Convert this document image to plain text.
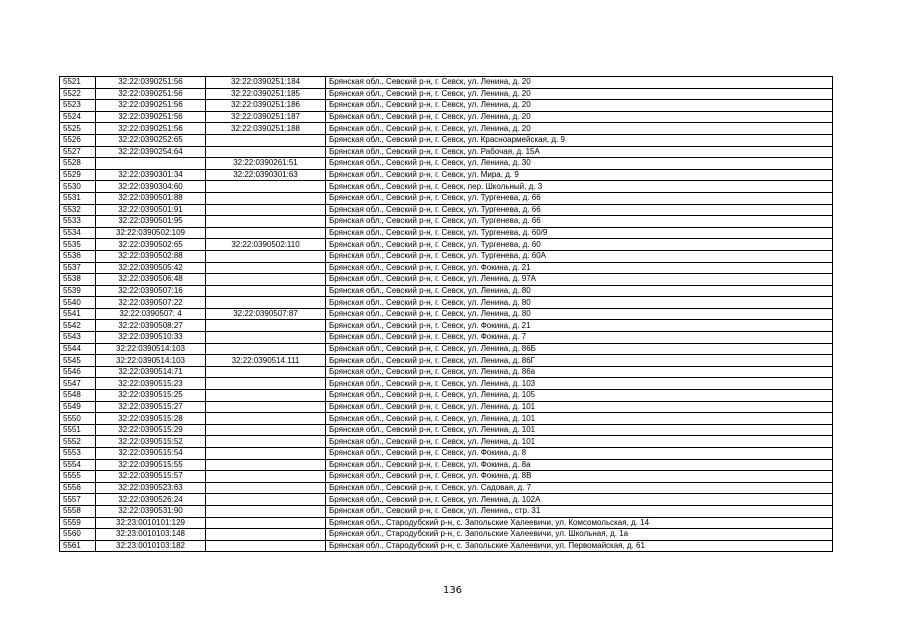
5521	32:22:0390251:56	32:22:0390251:184	Брянская обл., Севский р-н, г. Севск, ул. Ленина, д. 20
5522	32:22:0390251:56	32:22:0390251:185	Брянская обл., Севский р-н, г. Севск, ул. Ленина, д. 20
5523	32:22:0390251:56	32:22:0390251:186	Брянская обл., Севский р-н, г. Севск, ул. Ленина, д. 20
5524	32:22:0390251:56	32:22:0390251:187	Брянская обл., Севский р-н, г. Севск, ул. Ленина, д. 20
5525	32:22:0390251:56	32:22:0390251:188	Брянская обл., Севский р-н, г. Севск, ул. Ленина, д. 20
5526	32:22:0390252:65		Брянская обл., Севский р-н, г. Севск, ул. Красноармейская, д. 9
5527	32:22:0390254:64		Брянская обл., Севский р-н, г. Севск, ул. Рабочая, д. 15А
5528		32:22:0390261:51	Брянская обл., Севский р-н, г. Севск, ул. Ленина, д. 30
5529	32:22:0390301:34	32:22:0390301:63	Брянская обл., Севский р-н, г. Севск, ул. Мира, д. 9
5530	32:22:0390304:60		Брянская обл., Севский р-н, г. Севск, пер. Школьный, д. 3
5531	32:22:0390501:88		Брянская обл., Севский р-н, г. Севск, ул. Тургенева, д. 66
5532	32:22:0390501:91		Брянская обл., Севский р-н, г. Севск, ул. Тургенева, д. 66
5533	32:22:0390501:95		Брянская обл., Севский р-н, г. Севск, ул. Тургенева, д. 66
5534	32:22:0390502:109		Брянская обл., Севский р-н, г. Севск, ул. Тургенева, д. 60/9
5535	32:22:0390502:65	32:22:0390502:110	Брянская обл., Севский р-н, г. Севск, ул. Тургенева, д. 60
5536	32:22:0390502:88		Брянская обл., Севский р-н, г. Севск, ул. Тургенева, д. 60А
5537	32:22:0390505:42		Брянская обл., Севский р-н, г. Севск, ул. Фокина, д. 21
5538	32:22:0390506:48		Брянская обл., Севский р-н, г. Севск, ул. Ленина, д. 97А
5539	32:22:0390507:16		Брянская обл., Севский р-н, г. Севск, ул. Ленина, д. 80
5540	32:22:0390507:22		Брянская обл., Севский р-н, г. Севск, ул. Ленина, д. 80
5541	32:22:0390507: 4	32:22:0390507:87	Брянская обл., Севский р-н, г. Севск, ул. Ленина, д. 80
5542	32:22:0390508:27		Брянская обл., Севский р-н, г. Севск, ул. Фокина, д. 21
5543	32:22:0390510:33		Брянская обл., Севский р-н, г. Севск, ул. Фокина, д. 7
5544	32:22:0390514:103		Брянская обл., Севский р-н, г. Севск, ул. Ленина, д. 86Б
5545	32:22:0390514:103	32:22:0390514.111	Брянская обл., Севский р-н, г. Севск, ул. Ленина, д. 86Г
5546	32:22:0390514:71		Брянская обл., Севский р-н, г. Севск, ул. Ленина, д. 86а
5547	32:22:0390515:23		Брянская обл., Севский р-н, г. Севск, ул. Ленина, д. 103
5548	32:22:0390515:25		Брянская обл., Севский р-н, г. Севск, ул. Ленина, д. 105
5549	32:22:0390515:27		Брянская обл., Севский р-н, г. Севск, ул. Ленина, д. 101
5550	32:22:0390515:28		Брянская обл., Севский р-н, г. Севск, ул. Ленина, д. 101
5551	32:22:0390515:29		Брянская обл., Севский р-н, г. Севск, ул. Ленина, д. 101
5552	32:22:0390515:52		Брянская обл., Севский р-н, г. Севск, ул. Ленина, д. 101
5553	32:22:0390515:54		Брянская обл., Севский р-н, г. Севск, ул. Фокина, д. 8
5554	32:22:0390515:55		Брянская обл., Севский р-н, г. Севск, ул. Фокина, д. 8а
5555	32:22:0390515:57		Брянская обл., Севский р-н, г. Севск, ул. Фокина, д. 8В
5556	32:22:0390523:63		Брянская обл., Севский р-н, г. Севск, ул. Садовая, д. 7
5557	32:22:0390526:24		Брянская обл., Севский р-н, г. Севск, ул. Ленина, д. 102А
5558	32:22:0390531:90		Брянская обл., Севский р-н, г. Севск, ул. Ленина,, стр. 31
5559	32:23:0010101:129		Брянская обл., Стародубский р-н, с. Запольские Халеевичи, ул. Комсомольская, д. 14
5560	32:23:0010103:148		Брянская обл., Стародубский р-н, с. Запольские Халеевичи, ул. Школьная, д. 1а
5561	32:23:0010103:182		Брянская обл., Стародубский р-н, с. Запольские Халеевичи, ул. Первомайская, д. 61
136
